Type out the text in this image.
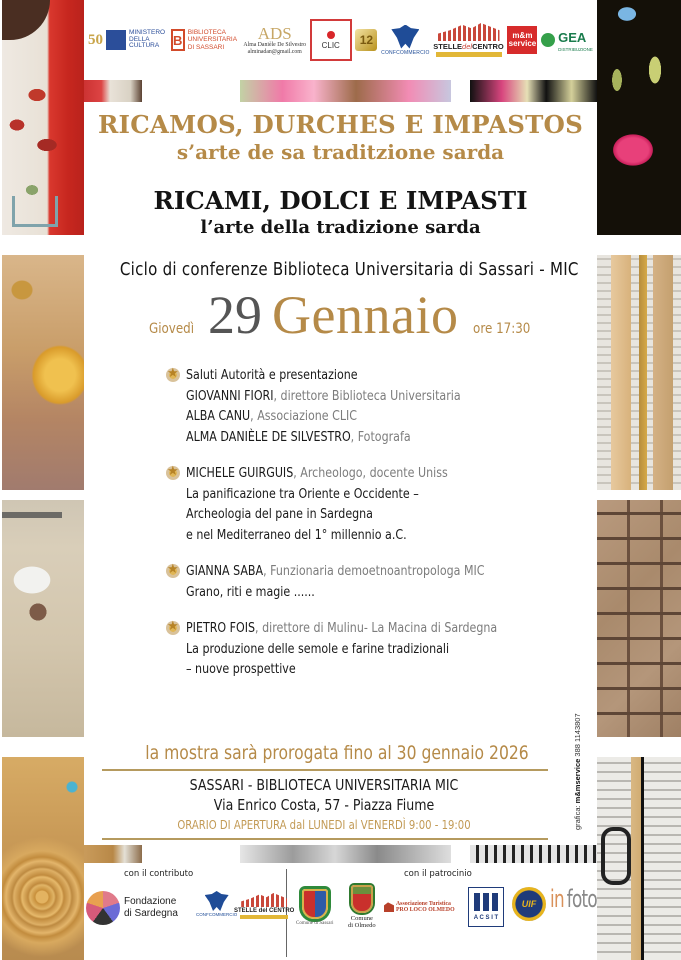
50	MINISTERO DELLA CULTURA	B BIBLIOTECA UNIVERSITARIA DI SASSARI
ADS
Alma Danièle De Silvestro
alminadan@gmail.com
CLIC 12
CONFCOMMERCIO
STELLEdelCENTRO
m&m service GEA
DISTRIBUZIONE
RICAMOS, DURCHES E IMPASTOS
s’arte de sa traditzione sarda
RICAMI, DOLCI E IMPASTI
l’arte della tradizione sarda
Ciclo di conferenze Biblioteca Universitaria di Sassari - MIC
Giovedì 29 Gennaio ore 17:30
★
Saluti Autorità e presentazione
GIOVANNI FIORI, direttore Biblioteca Universitaria
ALBA CANU, Associazione CLIC
ALMA DANIÈLE DE SILVESTRO, Fotografa
★
MICHELE GUIRGUIS, Archeologo, docente Uniss
La panificazione tra Oriente e Occidente –
Archeologia del pane in Sardegna
e nel Mediterraneo del 1° millennio a.C.
★
GIANNA SABA, Funzionaria demoetnoantropologa MIC
Grano, riti e magie ......
★
PIETRO FOIS, direttore di Mulinu- La Macina di Sardegna
La produzione delle semole e farine tradizionali
– nuove prospettive
la mostra sarà prorogata fino al 30 gennaio 2026
SASSARI - BIBLIOTECA UNIVERSITARIA MIC
Via Enrico Costa, 57 - Piazza Fiume
ORARIO DI APERTURA dal LUNEDI al VENERDÌ 9:00 - 19:00	grafica: m&mservice 388 1143807
con il contributo	con il patrocinio
Fondazione
di Sardegna	CONFCOMMERCIO
STELLE del CENTRO
Comune di Sassari
Comune
di Olmedo
Associazione Turistica
PRO LOCO OLMEDO
A C S I T
UIF in foto
